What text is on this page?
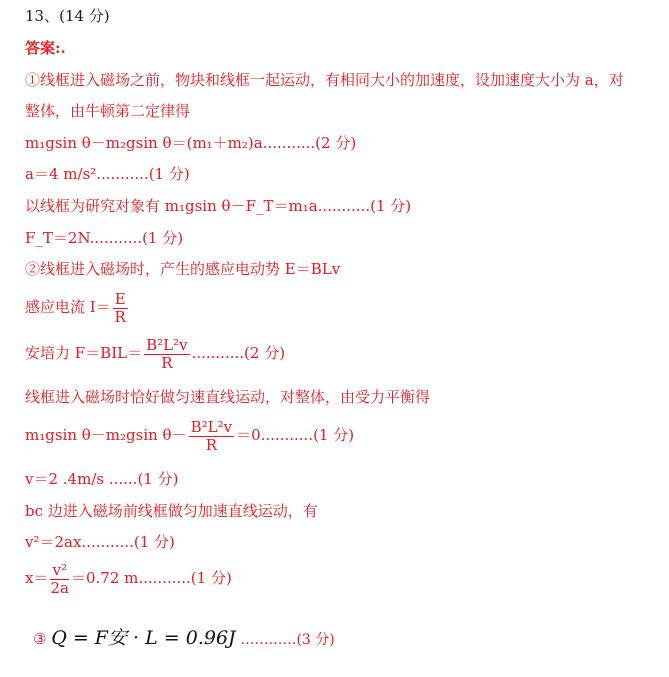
13、(14 分)
答案:.
①线框进入磁场之前，物块和线框一起运动，有相同大小的加速度，设加速度大小为 a，对
整体，由牛顿第二定律得
m₁gsin θ－m₂gsin θ＝(m₁＋m₂)a...........(2 分)
a＝4 m/s²...........(1 分)
以线框为研究对象有 m₁gsin θ－F_T＝m₁a...........(1 分)
F_T＝2N...........(1 分)
②线框进入磁场时，产生的感应电动势 E＝BLv
感应电流 $I= \frac{E}{R}$
安培力 $F=BIL= \frac{\text{B²L²v}}{R} ...........(2$ 分)
线框进入磁场时恰好做匀速直线运动，对整体，由受力平衡得
m₁gsin θ－m₂gsin $\theta- \frac{\text{B²L²v}}{R} =0...........(1$ 分)
v＝2 .4m/s ......(1 分)
bc 边进入磁场前线框做匀加速直线运动，有
v²＝2ax...........(1 分)
$x= \frac{\text{v²}}{2a} =0.72$ m...........(1 分)
③ Q = F安 · L = 0.96J …………(3 分)
